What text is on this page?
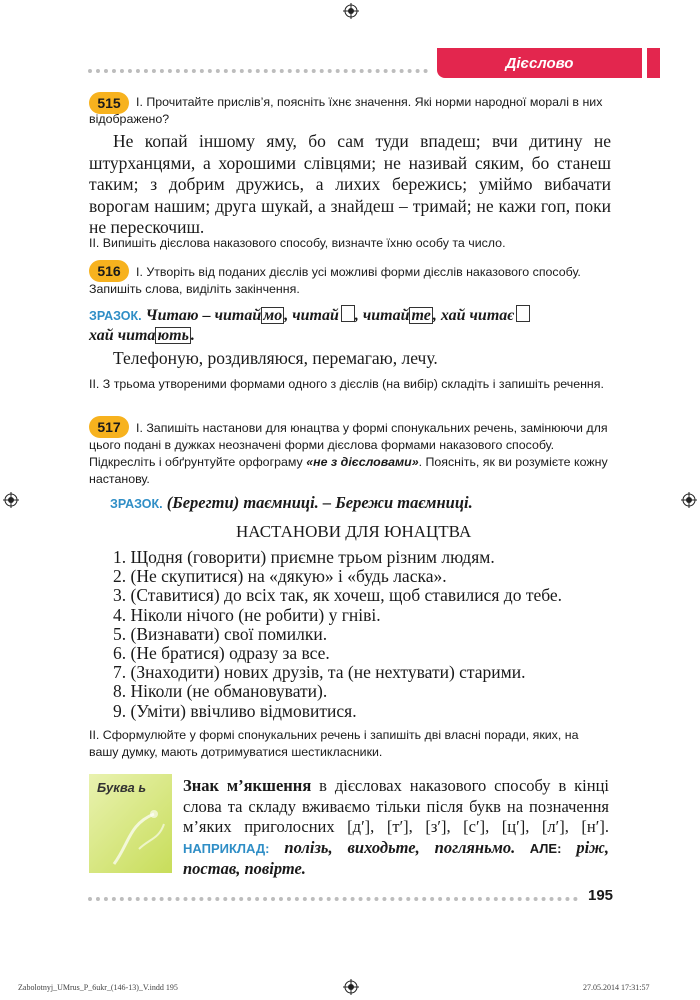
Дієслово
515	І. Прочитайте прислів’я, поясніть їхнє значення. Які норми народної моралі в них відображено?
Не копай іншому яму, бо сам туди впадеш; вчи дитину не штурханцями, а хорошими слівцями; не називай сяким, бо станеш таким; з добрим дружись, а лихих бережись; уміймо вибачати ворогам нашим; друга шукай, а знайдеш – тримай; не кажи гоп, поки не перескочиш.
ІІ. Випишіть дієслова наказового способу, визначте їхню особу та число.
516	І. Утворіть від поданих дієслів усі можливі форми дієслів наказового способу. Запишіть слова, виділіть закінчення.
ЗРАЗОК. Читаю – читай мо , читай , читай те , хай читає
хай чита ють .
Телефоную, роздивляюся, перемагаю, лечу.
ІІ. З трьома утвореними формами одного з дієслів (на вибір) складіть і запишіть речення.
517	І. Запишіть настанови для юнацтва у формі спонукальних речень, замінюючи для цього подані в дужках неозначені форми дієслова формами наказового способу. Підкресліть і обґрунтуйте орфограму «не з дієсловами». Поясніть, як ви розумієте кожну настанову.
ЗРАЗОК. (Берегти) таємниці. – Бережи таємниці.
НАСТАНОВИ ДЛЯ ЮНАЦТВА
1. Щодня (говорити) приємне трьом різним людям.
2. (Не скупитися) на «дякую» і «будь ласка».
3. (Ставитися) до всіх так, як хочеш, щоб ставилися до тебе.
4. Ніколи нічого (не робити) у гніві.
5. (Визнавати) свої помилки.
6. (Не братися) одразу за все.
7. (Знаходити) нових друзів, та (не нехтувати) старими.
8. Ніколи (не обмановувати).
9. (Уміти) ввічливо відмовитися.
ІІ. Сформулюйте у формі спонукальних речень і запишіть дві власні поради, яких, на вашу думку, мають дотримуватися шестикласники.
Буква ь Знак м’якшення в дієсловах наказового способу в кінці слова та складу вживаємо тільки після букв на позначення м’яких приголосних [д′], [т′], [з′], [с′], [ц′], [л′], [н′]. НАПРИКЛАД: полізь, виходьте, погляньмо. АЛЕ: ріж, постав, повірте.
195
Zabolotnyj_UMrus_P_6ukr_(146-13)_V.indd 195	27.05.2014 17:31:57
